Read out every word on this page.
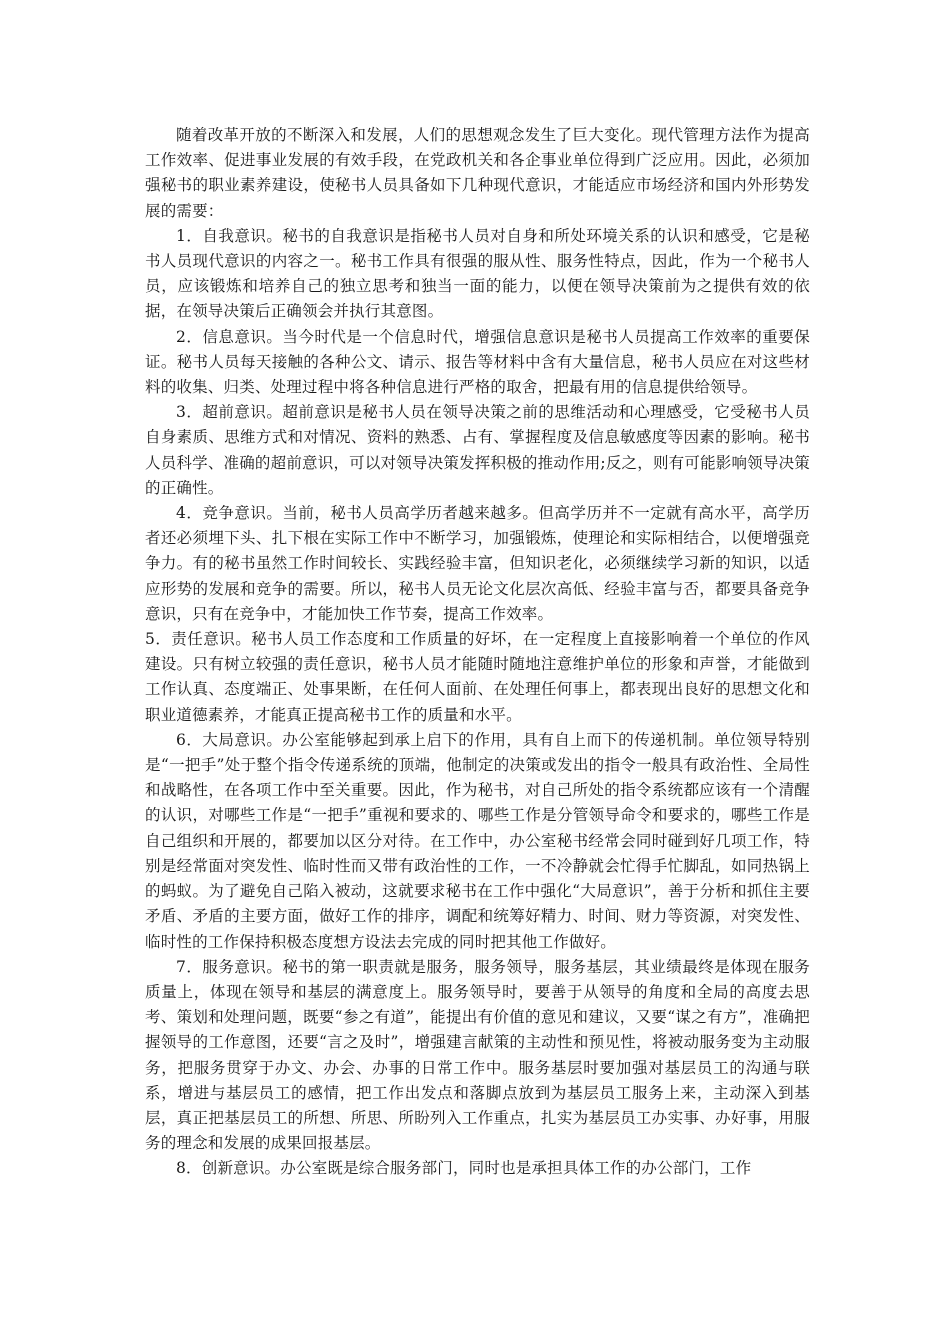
随着改革开放的不断深入和发展，人们的思想观念发生了巨大变化。现代管理方法作为提高工作效率、促进事业发展的有效手段，在党政机关和各企事业单位得到广泛应用。因此，必须加强秘书的职业素养建设，使秘书人员具备如下几种现代意识，才能适应市场经济和国内外形势发展的需要：

1．自我意识。秘书的自我意识是指秘书人员对自身和所处环境关系的认识和感受，它是秘书人员现代意识的内容之一。秘书工作具有很强的服从性、服务性特点，因此，作为一个秘书人员，应该锻炼和培养自己的独立思考和独当一面的能力，以便在领导决策前为之提供有效的依据，在领导决策后正确领会并执行其意图。

2．信息意识。当今时代是一个信息时代，增强信息意识是秘书人员提高工作效率的重要保证。秘书人员每天接触的各种公文、请示、报告等材料中含有大量信息，秘书人员应在对这些材料的收集、归类、处理过程中将各种信息进行严格的取舍，把最有用的信息提供给领导。

3．超前意识。超前意识是秘书人员在领导决策之前的思维活动和心理感受，它受秘书人员自身素质、思维方式和对情况、资料的熟悉、占有、掌握程度及信息敏感度等因素的影响。秘书人员科学、准确的超前意识，可以对领导决策发挥积极的推动作用;反之，则有可能影响领导决策的正确性。

4．竞争意识。当前，秘书人员高学历者越来越多。但高学历并不一定就有高水平，高学历者还必须埋下头、扎下根在实际工作中不断学习，加强锻炼，使理论和实际相结合，以便增强竞争力。有的秘书虽然工作时间较长、实践经验丰富，但知识老化，必须继续学习新的知识，以适应形势的发展和竞争的需要。所以，秘书人员无论文化层次高低、经验丰富与否，都要具备竞争意识，只有在竞争中，才能加快工作节奏，提高工作效率。

5．责任意识。秘书人员工作态度和工作质量的好坏，在一定程度上直接影响着一个单位的作风建设。只有树立较强的责任意识，秘书人员才能随时随地注意维护单位的形象和声誉，才能做到工作认真、态度端正、处事果断，在任何人面前、在处理任何事上，都表现出良好的思想文化和职业道德素养，才能真正提高秘书工作的质量和水平。

6．大局意识。办公室能够起到承上启下的作用，具有自上而下的传递机制。单位领导特别是“一把手”处于整个指令传递系统的顶端，他制定的决策或发出的指令一般具有政治性、全局性和战略性，在各项工作中至关重要。因此，作为秘书，对自己所处的指令系统都应该有一个清醒的认识，对哪些工作是“一把手”重视和要求的、哪些工作是分管领导命令和要求的，哪些工作是自己组织和开展的，都要加以区分对待。在工作中，办公室秘书经常会同时碰到好几项工作，特别是经常面对突发性、临时性而又带有政治性的工作，一不冷静就会忙得手忙脚乱，如同热锅上的蚂蚁。为了避免自己陷入被动，这就要求秘书在工作中强化“大局意识”，善于分析和抓住主要矛盾、矛盾的主要方面，做好工作的排序，调配和统筹好精力、时间、财力等资源，对突发性、临时性的工作保持积极态度想方设法去完成的同时把其他工作做好。

7．服务意识。秘书的第一职责就是服务，服务领导，服务基层，其业绩最终是体现在服务质量上，体现在领导和基层的满意度上。服务领导时，要善于从领导的角度和全局的高度去思考、策划和处理问题，既要“参之有道”，能提出有价值的意见和建议，又要“谋之有方”，准确把握领导的工作意图，还要“言之及时”，增强建言献策的主动性和预见性，将被动服务变为主动服务，把服务贯穿于办文、办会、办事的日常工作中。服务基层时要加强对基层员工的沟通与联系，增进与基层员工的感情，把工作出发点和落脚点放到为基层员工服务上来，主动深入到基层，真正把基层员工的所想、所思、所盼列入工作重点，扎实为基层员工办实事、办好事，用服务的理念和发展的成果回报基层。

8．创新意识。办公室既是综合服务部门，同时也是承担具体工作的办公部门，工作
